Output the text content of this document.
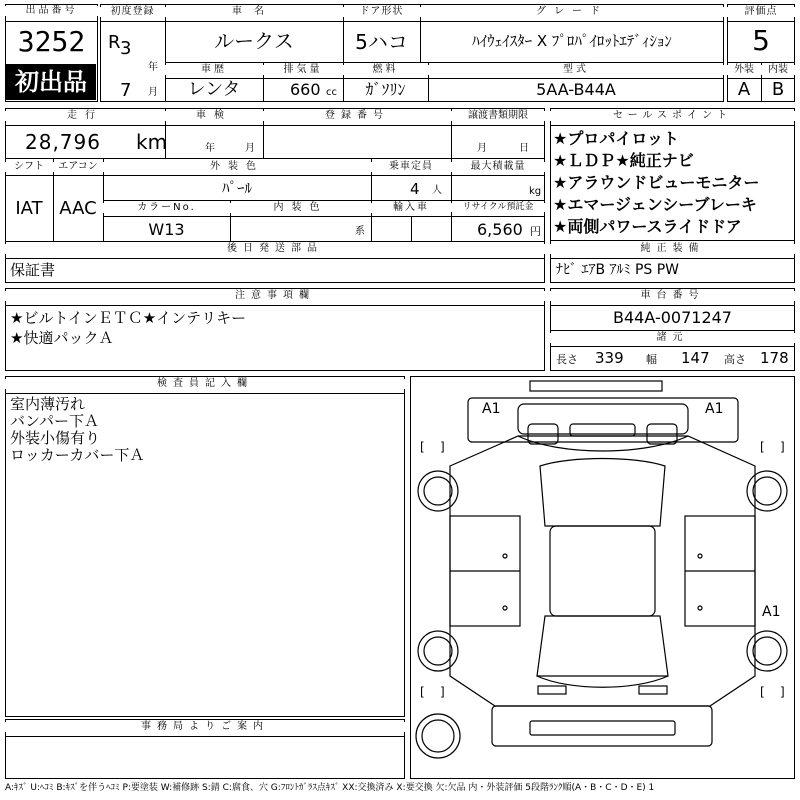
出品番号
3252
初出品
初度登録
R 3
年
7 月
車名
ルークス
ドア形状
5ハコ
グレード
ﾊｲｳｪｲｽﾀｰ X ﾌﾟﾛﾊﾟｲﾛｯﾄｴﾃﾞｨｼｮﾝ
車歴
レンタ
排気量
660 cc
燃料
ｶﾞｿﾘﾝ
型式
5AA-B44A
評価点
5
外装	内装
A	B
走行
28,796 km
車検
年	月
登録番号	譲渡書類期限
月	日
シフト
IAT
エアコン
AAC
外装色
ﾊﾟｰﾙ
乗車定員
4 人
最大積載量
kg
カラーNo.
W13
内装色
系
輸入車	リサイクル預託金
6,560 円
後日発送部品
保証書
セールスポイント
★プロパイロット
★ＬＤＰ★純正ナビ
★アラウンドビューモニター
★エマージェンシーブレーキ
★両側パワースライドドア
純正装備
ﾅﾋﾞ ｴｱB ｱﾙﾐ PS PW
注意事項欄
★ビルトインＥＴＣ★インテリキー
★快適パックＡ
車台番号
B44A-0071247
諸元
長さ 339 幅 147 高さ 178
検査員記入欄
室内薄汚れ
バンパー下Ａ
外装小傷有り
ロッカーカバー下Ａ
事務局よりご案内
[ ]	[ ]
[ ]	[ ]
A1	A1
A1
A:ｷｽﾞ U:ﾍｺﾐ B:ｷｽﾞを伴うﾍｺﾐ P:要塗装 W:補修跡 S:錆 C:腐食、穴 G:ﾌﾛﾝﾄｶﾞﾗｽ点ｷｽﾞ XX:交換済み X:要交換 欠:欠品 内・外装評価 5段階ﾗﾝｸ順(A・B・C・D・E) 1
